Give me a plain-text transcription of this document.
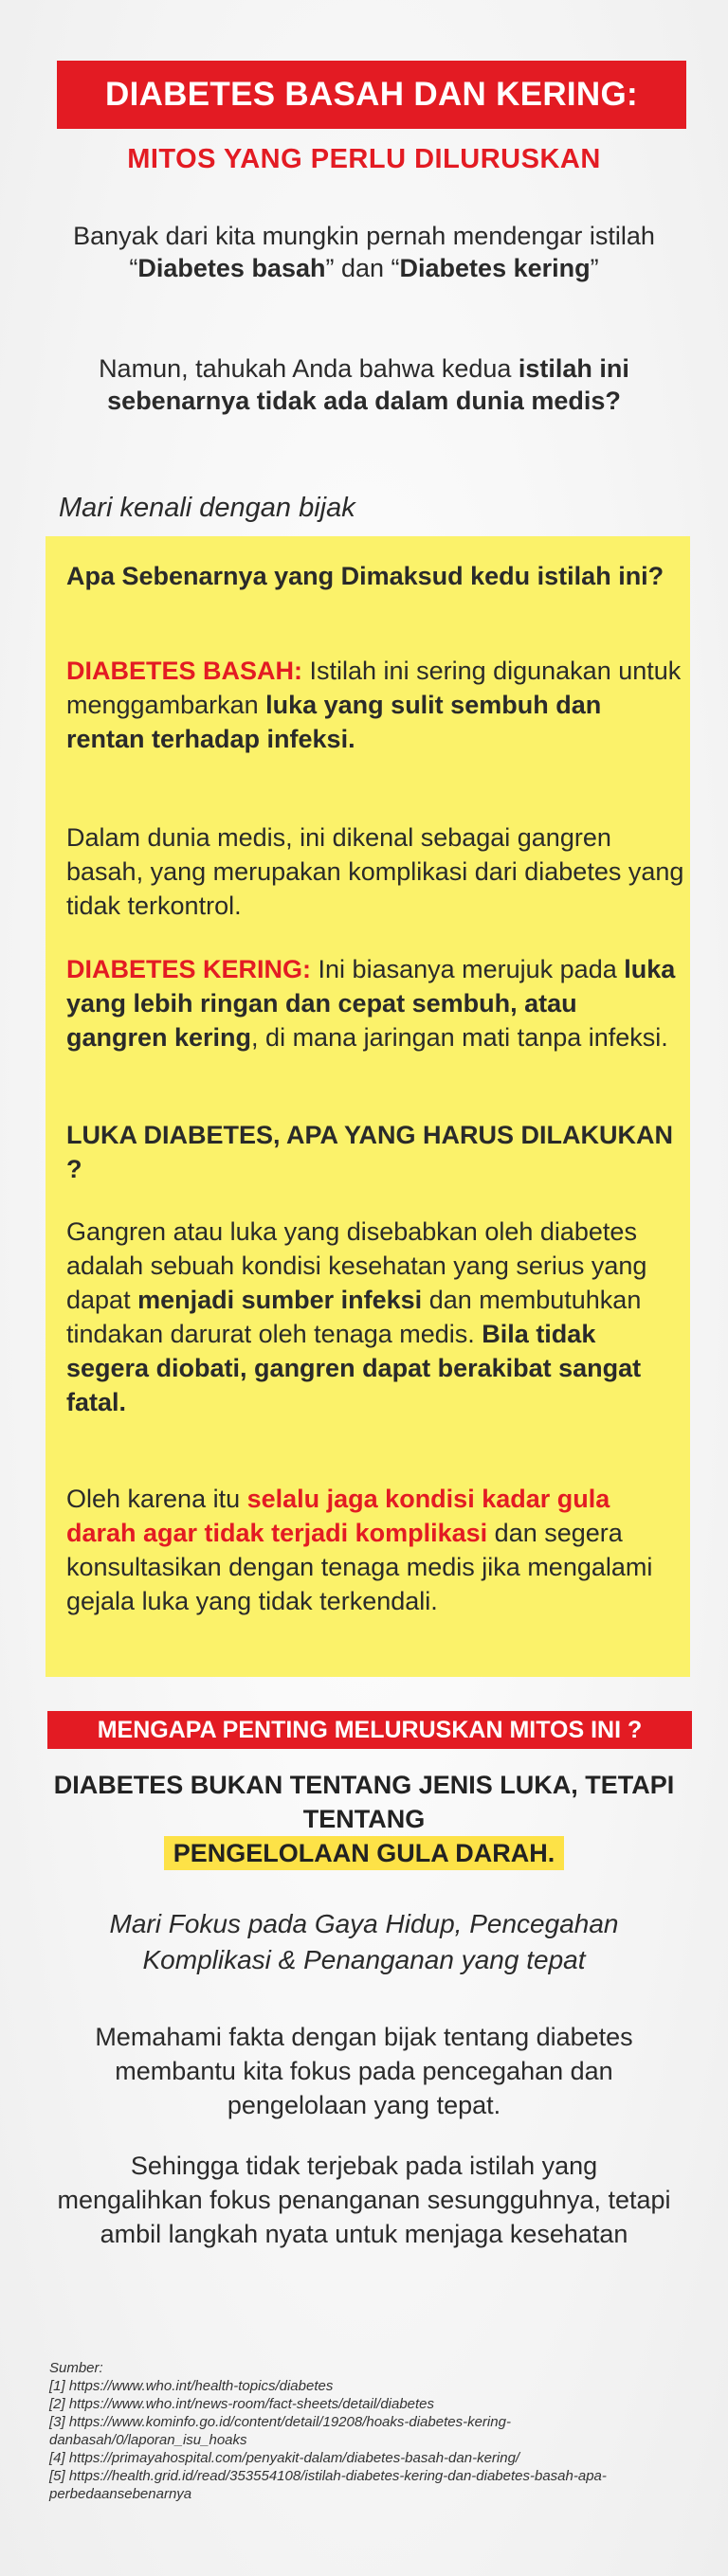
DIABETES BASAH DAN KERING:
MITOS YANG PERLU DILURUSKAN
Banyak dari kita mungkin pernah mendengar istilah “Diabetes basah” dan “Diabetes kering”
Namun, tahukah Anda bahwa kedua istilah ini sebenarnya tidak ada dalam dunia medis?
Mari kenali dengan bijak
Apa Sebenarnya yang Dimaksud kedu istilah ini?
DIABETES BASAH: Istilah ini sering digunakan untuk menggambarkan luka yang sulit sembuh dan rentan terhadap infeksi.
Dalam dunia medis, ini dikenal sebagai gangren basah, yang merupakan komplikasi dari diabetes yang tidak terkontrol.
DIABETES KERING: Ini biasanya merujuk pada luka yang lebih ringan dan cepat sembuh, atau gangren kering, di mana jaringan mati tanpa infeksi.
LUKA DIABETES, APA YANG HARUS DILAKUKAN ?
Gangren atau luka yang disebabkan oleh diabetes adalah sebuah kondisi kesehatan yang serius yang dapat menjadi sumber infeksi dan membutuhkan tindakan darurat oleh tenaga medis. Bila tidak segera diobati, gangren dapat berakibat sangat fatal.
Oleh karena itu selalu jaga kondisi kadar gula darah agar tidak terjadi komplikasi dan segera konsultasikan dengan tenaga medis jika mengalami gejala luka yang tidak terkendali.
MENGAPA PENTING MELURUSKAN MITOS INI ?
DIABETES BUKAN TENTANG JENIS LUKA, TETAPI TENTANG
PENGELOLAAN GULA DARAH.
Mari Fokus pada Gaya Hidup, Pencegahan Komplikasi & Penanganan yang tepat
Memahami fakta dengan bijak tentang diabetes membantu kita fokus pada pencegahan dan pengelolaan yang tepat.
Sehingga tidak terjebak pada istilah yang mengalihkan fokus penanganan sesungguhnya, tetapi ambil langkah nyata untuk menjaga kesehatan
Sumber:
[1] https://www.who.int/health-topics/diabetes
[2] https://www.who.int/news-room/fact-sheets/detail/diabetes
[3] https://www.kominfo.go.id/content/detail/19208/hoaks-diabetes-kering-danbasah/0/laporan_isu_hoaks
[4] https://primayahospital.com/penyakit-dalam/diabetes-basah-dan-kering/
[5] https://health.grid.id/read/353554108/istilah-diabetes-kering-dan-diabetes-basah-apa-perbedaansebenarnya
